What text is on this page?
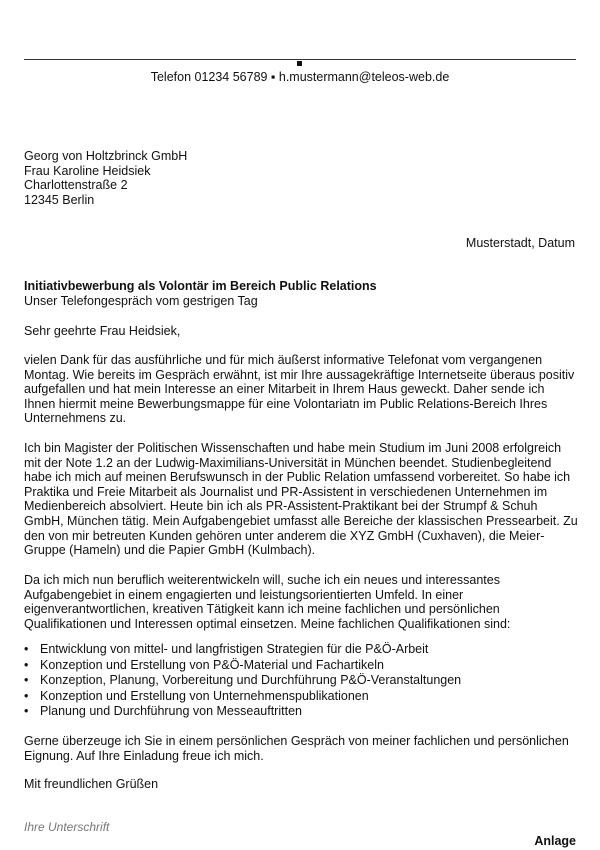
Telefon 01234 56789 ▪ h.mustermann@teleos-web.de
Georg von Holtzbrinck GmbH
Frau Karoline Heidsiek
Charlottenstraße 2
12345 Berlin
Musterstadt, Datum
Initiativbewerbung als Volontär im Bereich Public Relations
Unser Telefongespräch vom gestrigen Tag
Sehr geehrte Frau Heidsiek,
vielen Dank für das ausführliche und für mich äußerst informative Telefonat vom vergangenen Montag. Wie bereits im Gespräch erwähnt, ist mir Ihre aussagekräftige Internetseite überaus positiv aufgefallen und hat mein Interesse an einer Mitarbeit in Ihrem Haus geweckt. Daher sende ich Ihnen hiermit meine Bewerbungsmappe für eine Volontariatn im Public Relations-Bereich Ihres Unternehmens zu.
Ich bin Magister der Politischen Wissenschaften und habe mein Studium im Juni 2008 erfolgreich mit der Note 1.2 an der Ludwig-Maximilians-Universität in München beendet. Studienbegleitend habe ich mich auf meinen Berufswunsch in der Public Relation umfassend vorbereitet. So habe ich Praktika und Freie Mitarbeit als Journalist und PR-Assistent in verschiedenen Unternehmen im Medienbereich absolviert. Heute bin ich als PR-Assistent-Praktikant bei der Strumpf & Schuh GmbH, München tätig. Mein Aufgabengebiet umfasst alle Bereiche der klassischen Pressearbeit. Zu den von mir betreuten Kunden gehören unter anderem die XYZ GmbH (Cuxhaven), die Meier-Gruppe (Hameln) und die Papier GmbH (Kulmbach).
Da ich mich nun beruflich weiterentwickeln will, suche ich ein neues und interessantes Aufgabengebiet in einem engagierten und leistungsorientierten Umfeld. In einer eigenverantwortlichen, kreativen Tätigkeit kann ich meine fachlichen und persönlichen Qualifikationen und Interessen optimal einsetzen. Meine fachlichen Qualifikationen sind:
• Entwicklung von mittel- und langfristigen Strategien für die P&Ö-Arbeit
• Konzeption und Erstellung von P&Ö-Material und Fachartikeln
• Konzeption, Planung, Vorbereitung und Durchführung P&Ö-Veranstaltungen
• Konzeption und Erstellung von Unternehmenspublikationen
• Planung und Durchführung von Messeauftritten
Gerne überzeuge ich Sie in einem persönlichen Gespräch von meiner fachlichen und persönlichen Eignung. Auf Ihre Einladung freue ich mich.
Mit freundlichen Grüßen
Ihre Unterschrift
Anlage
